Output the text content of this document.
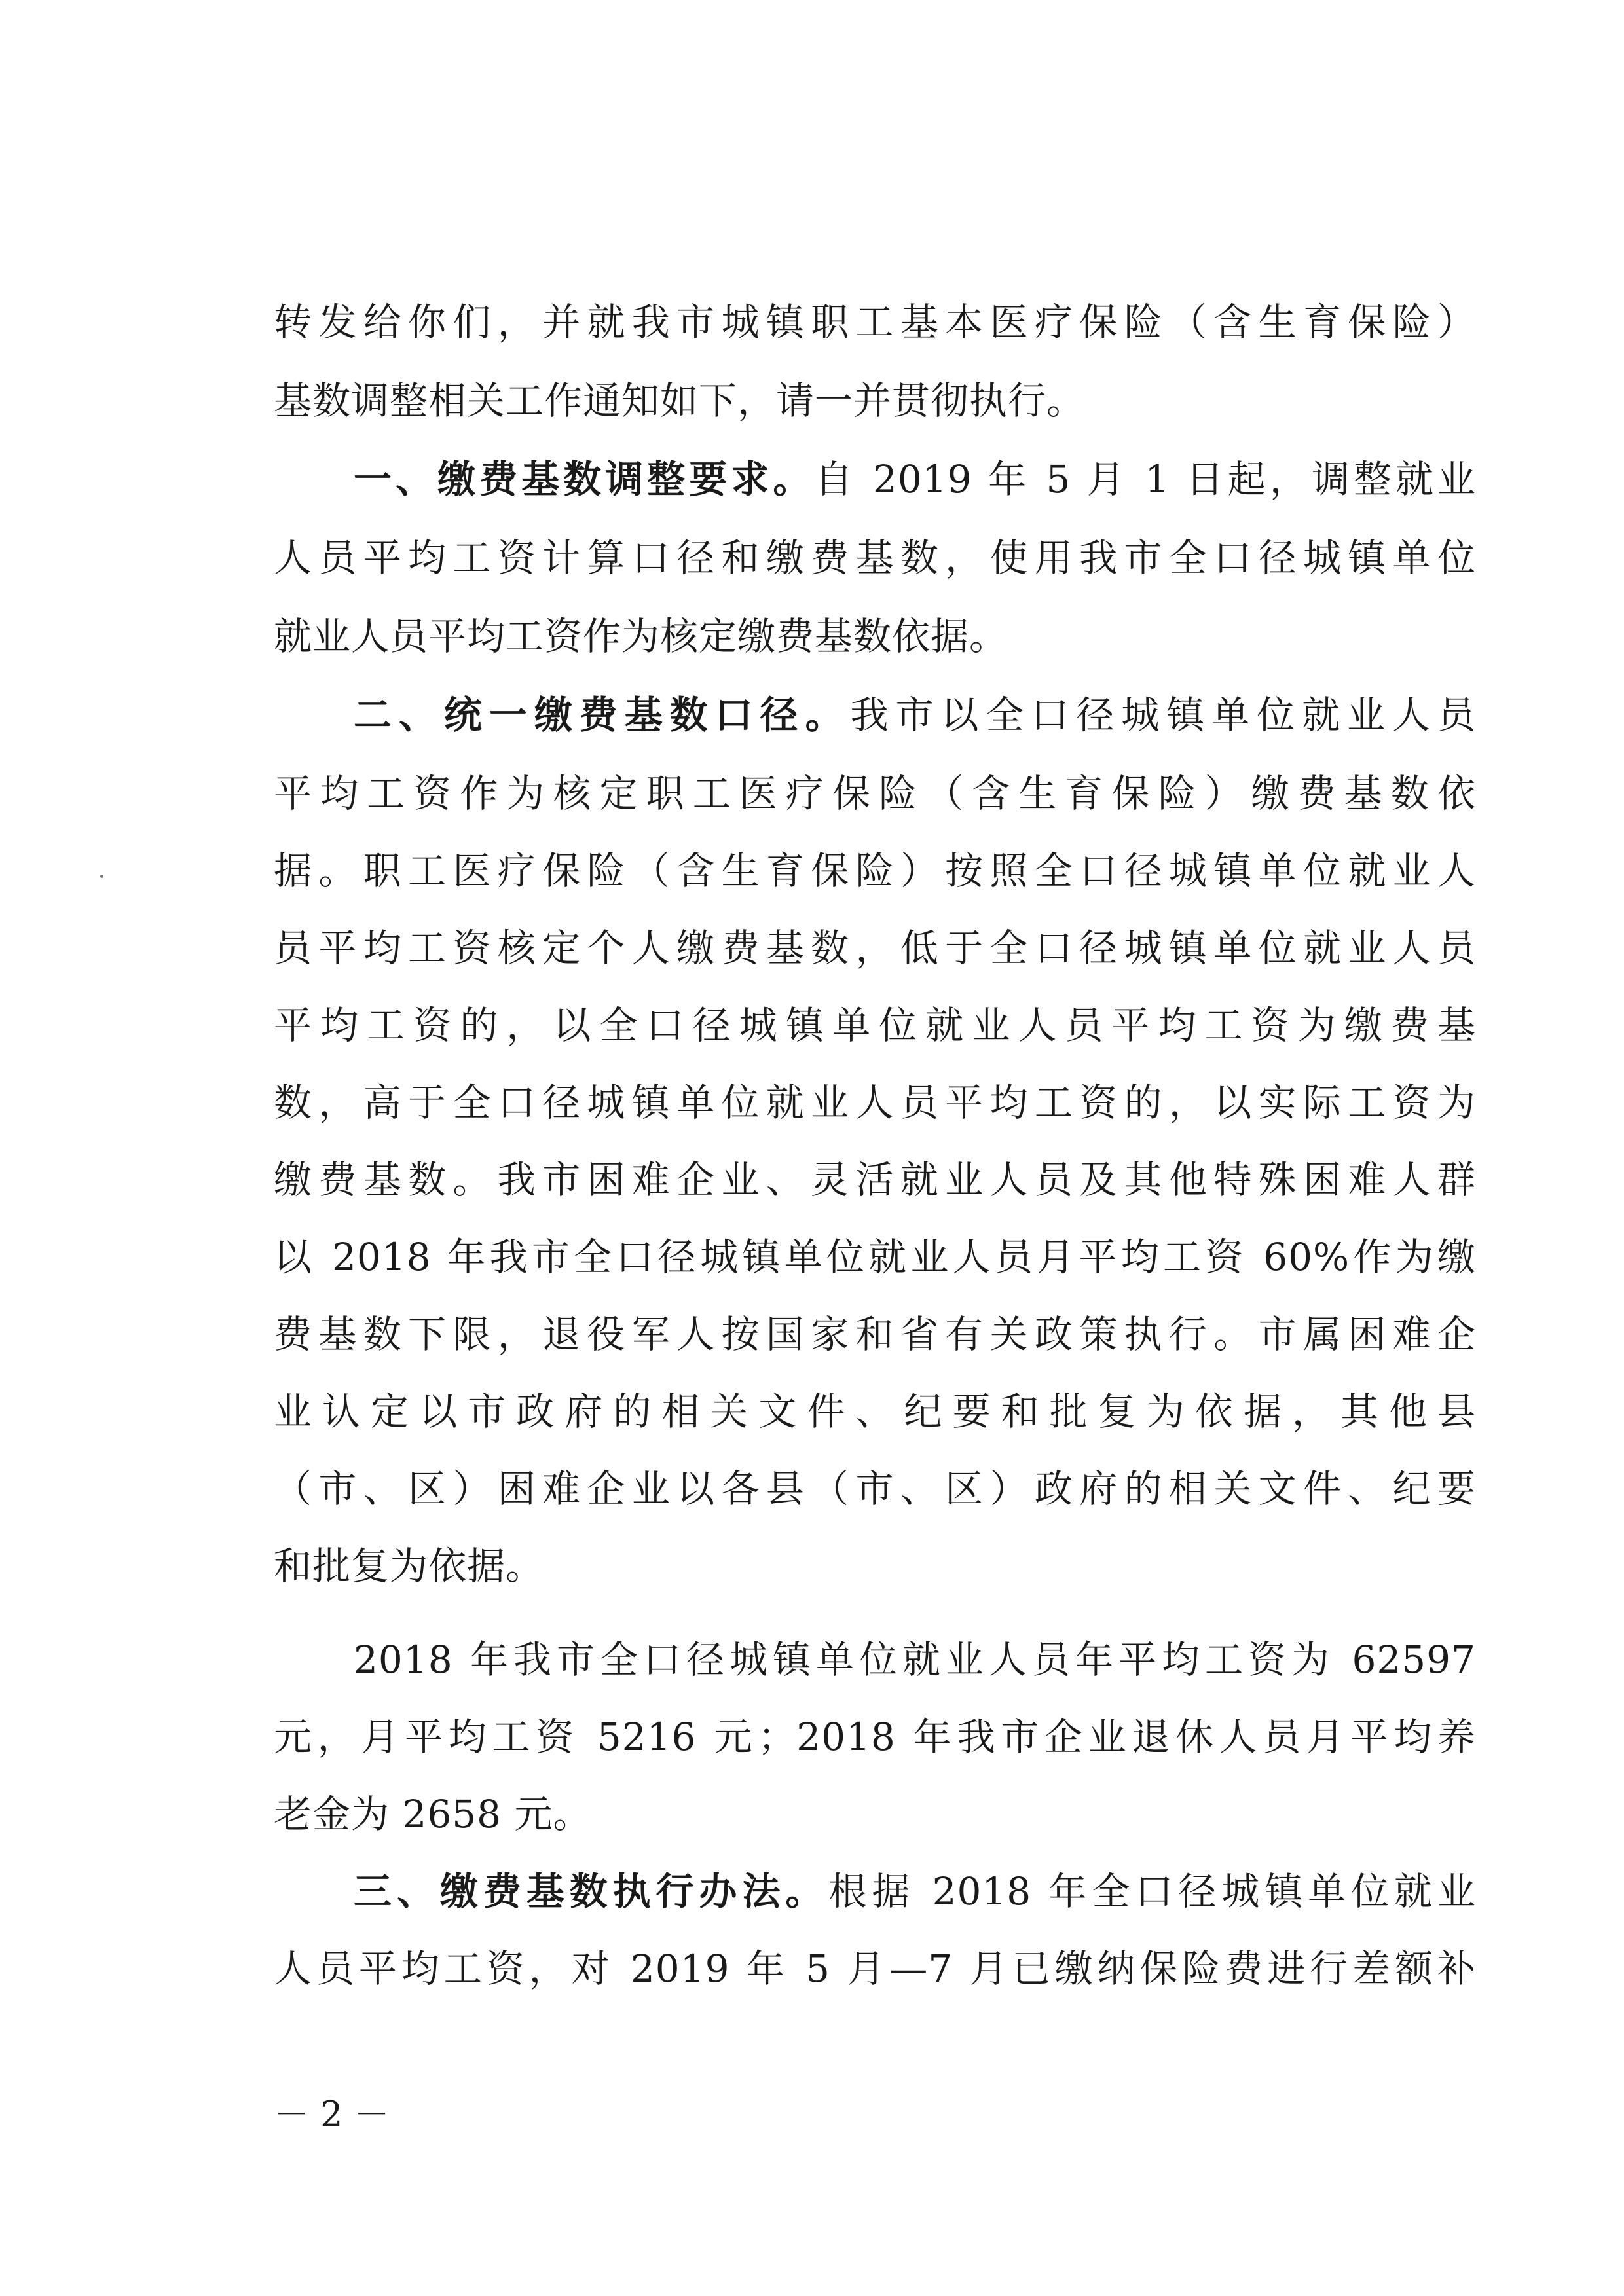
转发给你们，并就我市城镇职工基本医疗保险（含生育保险）
基数调整相关工作通知如下，请一并贯彻执行。
一、缴费基数调整要求。自 2019 年 5 月 1 日起，调整就业
人员平均工资计算口径和缴费基数，使用我市全口径城镇单位
就业人员平均工资作为核定缴费基数依据。
二、统一缴费基数口径。我市以全口径城镇单位就业人员
平均工资作为核定职工医疗保险（含生育保险）缴费基数依
据。职工医疗保险（含生育保险）按照全口径城镇单位就业人
员平均工资核定个人缴费基数，低于全口径城镇单位就业人员
平均工资的，以全口径城镇单位就业人员平均工资为缴费基
数，高于全口径城镇单位就业人员平均工资的，以实际工资为
缴费基数。我市困难企业、灵活就业人员及其他特殊困难人群
以 2018 年我市全口径城镇单位就业人员月平均工资 60%作为缴
费基数下限，退役军人按国家和省有关政策执行。市属困难企
业认定以市政府的相关文件、纪要和批复为依据，其他县
（市、区）困难企业以各县（市、区）政府的相关文件、纪要
和批复为依据。
2018 年我市全口径城镇单位就业人员年平均工资为 62597
元，月平均工资 5216 元；2018 年我市企业退休人员月平均养
老金为 2658 元。
三、缴费基数执行办法。根据 2018 年全口径城镇单位就业
人员平均工资，对 2019 年 5 月—7 月已缴纳保险费进行差额补
－ 2 －
